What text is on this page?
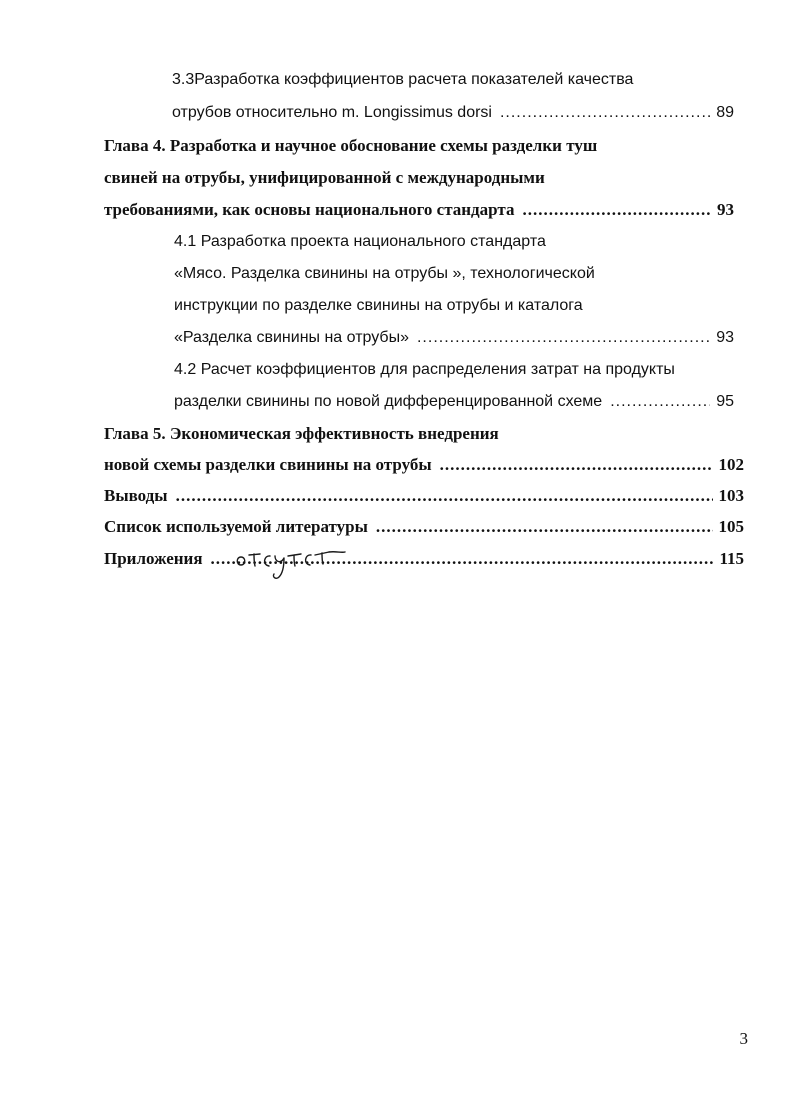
3.3Разработка коэффициентов расчета показателей качества
отрубов относительно m. Longissimus dorsi .....	89
Глава 4. Разработка и научное обоснование схемы разделки туш
свиней на отрубы, унифицированной с международными
требованиями, как основы национального стандарта .....	93
4.1 Разработка проекта национального стандарта
«Мясо. Разделка свинины на отрубы », технологической
инструкции по разделке свинины на отрубы и каталога
«Разделка свинины на отрубы» .....	93
4.2 Расчет коэффициентов для распределения затрат на продукты
разделки свинины по новой дифференцированной схеме .....	95
Глава 5. Экономическая эффективность внедрения
новой схемы разделки свинины на отрубы .....	102
Выводы .....	103
Список используемой литературы .....	105
Приложения .....	115
3
